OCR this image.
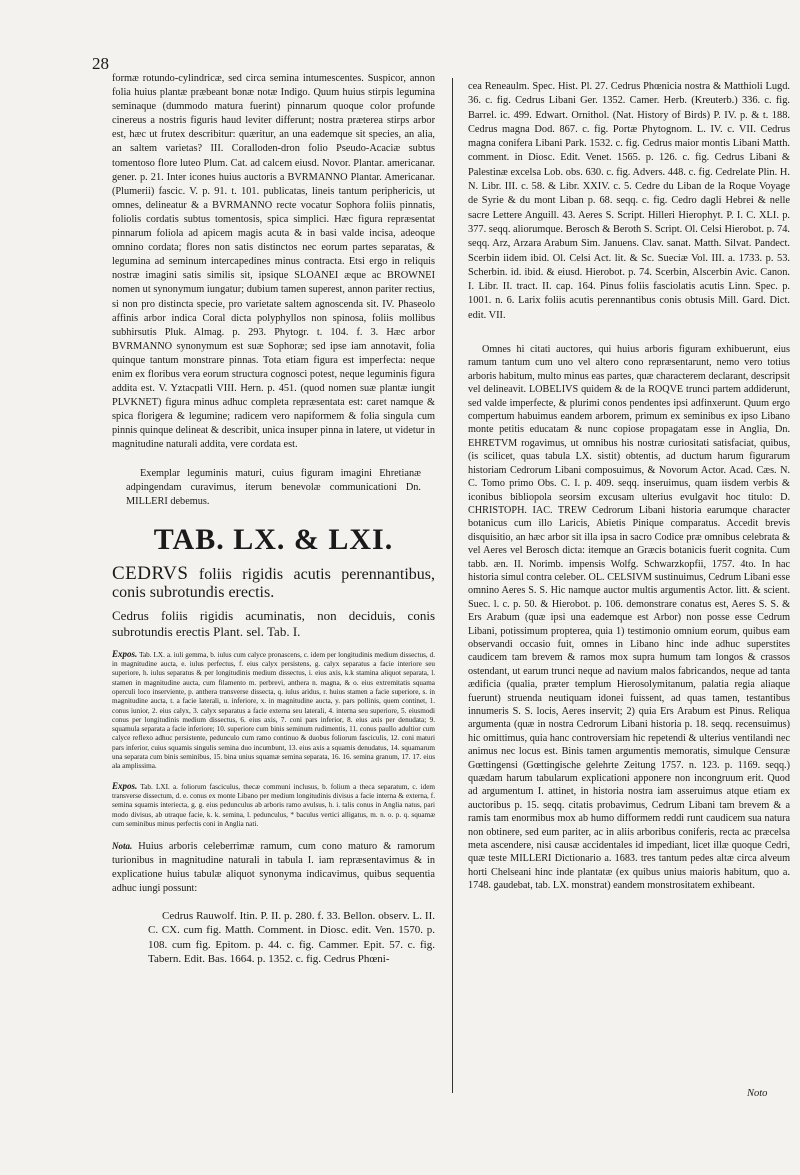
28

formæ rotundo-cylindricæ, sed circa semina intumescentes. Suspicor, annon folia huius plantæ præbeant bonæ notæ Indigo. Quum huius stirpis legumina seminaque (dummodo matura fuerint) pinnarum quoque color profunde cinereus a nostris figuris haud leviter differunt; nostra præterea stirps arbor est, hæc ut frutex describitur: quæritur, an una eademque sit species, an alia, an saltem varietas? III. Coralloden-dron folio Pseudo-Acaciæ subtus tomentoso flore luteo Plum. Cat. ad calcem eiusd. Novor. Plantar. americanar. gener. p. 21. Inter icones huius auctoris a BVRMANNO Plantar. Americanar. (Plumerii) fascic. V. p. 91. t. 101. publicatas, lineis tantum periphericis, ut omnes, delineatur & a BVRMANNO recte vocatur Sophora foliis pinnatis, foliolis cordatis subtus tomentosis, spica simplici. Hæc figura repræsentat pinnarum foliola ad apicem magis acuta & in basi valde incisa, adeoque omnino cordata; flores non satis distinctos nec eorum partes separatas, & legumina ad seminum intercapedines minus contracta. Etsi ergo in reliquis nostræ imagini satis similis sit, ipsique SLOANEI æque ac BROWNEI nomen ut synonymum iungatur; dubium tamen superest, annon pariter rectius, si non pro distincta specie, pro varietate saltem agnoscenda sit. IV. Phaseolo affinis arbor indica Coral dicta polyphyllos non spinosa, foliis mollibus subhirsutis Pluk. Almag. p. 293. Phytogr. t. 104. f. 3. Hæc arbor BVRMANNO synonymum est suæ Sophoræ; sed ipse iam annotavit, folia quinque tantum monstrare pinnas. Tota etiam figura est imperfecta: neque enim ex floribus vera eorum structura cognosci potest, neque leguminis figura addita est. V. Yztacpatli VIII. Hern. p. 451. (quod nomen suæ plantæ iungit PLVKNET) figura minus adhuc completa repræsentata est: caret namque & spica florigera & legumine; radicem vero napiformem & folia singula cum pinnis quinque delineat & describit, unica insuper pinna in latere, ut videtur in magnitudine naturali addita, vere cordata est.

Exemplar leguminis maturi, cuius figuram imagini Ehretianæ adpingendam curavimus, iterum benevolæ communicationi Dn. MILLERI debemus.

TAB. LX. & LXI.

CEDRVS foliis rigidis acutis perennantibus, conis subrotundis erectis.

Cedrus foliis rigidis acuminatis, non deciduis, conis subrotundis erectis Plant. sel. Tab. I.

Expos. Tab. LX. a. iuli gemma, b. iulus cum calyce pronascens, c. idem per longitudinis medium dissectus, d. in magnitudine aucta, e. iulus perfectus, f. eius calyx persistens, g. calyx separatus a facie interiore seu superiore, h. iulus separatus & per longitudinis medium dissectus, i. eius axis, k.k stamina aliquot separata, l. stamen in magnitudine aucta, cum filamento m. perbrevi, anthera n. magna, & o. eius extremitatis squama operculi loco inserviente, p. anthera transverse dissecta, q. iulus aridus, r. huius stamen a facie superiore, s. in magnitudine aucta, t. a facie laterali, u. inferiore, x. in magnitudine aucta, y. pars pollinis, quem continet, 1. conus iunior, 2. eius calyx, 3. calyx separatus a facie externa seu laterali, 4. interna seu superiore, 5. eiusmodi conus per longitudinis medium dissectus, 6. eius axis, 7. coni pars inferior, 8. eius axis per denudata; 9. squamula separata a facie inferiore; 10. superiore cum binis seminum rudimentis, 11. conus paullo adultior cum calyce reflexo adhuc persistente, pedunculo cum ramo continuo & duobus foliorum fasciculis, 12. coni maturi pars inferior, cuius squamis singulis semina duo incumbunt, 13. eius axis a squamis denudatus, 14. squamarum una separata cum binis seminibus, 15. bina unius squamæ semina separata, 16. 16. semina granum, 17. 17. eius ala amplissima.

Expos. Tab. LXI. a. foliorum fasciculus, thecæ communi inclusus, b. folium a theca separatum, c. idem transverse dissectum, d. e. conus ex monte Libano per medium longitudinis divisus a facie interna & externa, f. semina squamis interiecta, g. g. eius pedunculus ab arboris ramo avulsus, h. i. talis conus in Anglia natus, pari modo divisus, ab utraque facie, k. k. semina, l. pedunculus, * baculus vertici alligatus, m. n. o. p. q. squamæ cum seminibus minus perfectis coni in Anglia nati.

Nota. Huius arboris celeberrimæ ramum, cum cono maturo & ramorum turionibus in magnitudine naturali in tabula I. iam repræsentavimus & in explicatione huius tabulæ aliquot synonyma indicavimus, quibus sequentia adhuc iungi possunt:

Cedrus Rauwolf. Itin. P. II. p. 280. f. 33. Bellon. observ. L. II. C. CX. cum fig. Matth. Comment. in Diosc. edit. Ven. 1570. p. 108. cum fig. Epitom. p. 44. c. fig. Cammer. Epit. 57. c. fig. Tabern. Edit. Bas. 1664. p. 1352. c. fig. Cedrus Phœni-

cea Reneaulm. Spec. Hist. Pl. 27. Cedrus Phœnicia nostra & Matthioli Lugd. 36. c. fig. Cedrus Libani Ger. 1352. Camer. Herb. (Kreuterb.) 336. c. fig. Barrel. ic. 499. Edwart. Ornithol. (Nat. History of Birds) P. IV. p. & t. 188. Cedrus magna Dod. 867. c. fig. Portæ Phytognom. L. IV. c. VII. Cedrus magna conifera Libani Park. 1532. c. fig. Cedrus maior montis Libani Matth. comment. in Diosc. Edit. Venet. 1565. p. 126. c. fig. Cedrus Libani & Palestinæ excelsa Lob. obs. 630. c. fig. Advers. 448. c. fig. Cedrelate Plin. H. N. Libr. III. c. 58. & Libr. XXIV. c. 5. Cedre du Liban de la Roque Voyage de Syrie & du mont Liban p. 68. seqq. c. fig. Cedro dagli Hebrei & nelle sacre Lettere Anguill. 43. Aeres S. Script. Hilleri Hierophyt. P. I. C. XLI. p. 377. seqq. aliorumque. Berosch & Beroth S. Script. Ol. Celsi Hierobot. p. 74. seqq. Arz, Arzara Arabum Sim. Januens. Clav. sanat. Matth. Silvat. Pandect. Scerbin iidem ibid. Ol. Celsi Act. lit. & Sc. Sueciæ Vol. III. a. 1733. p. 53. Scherbin. id. ibid. & eiusd. Hierobot. p. 74. Scerbin, Alscerbin Avic. Canon. I. Libr. II. tract. II. cap. 164. Pinus foliis fasciolatis acutis Linn. Spec. p. 1001. n. 6. Larix foliis acutis perennantibus conis obtusis Mill. Gard. Dict. edit. VII.

Omnes hi citati auctores, qui huius arboris figuram exhibuerunt, eius ramum tantum cum uno vel altero cono repræsentarunt, nemo vero totius arboris habitum, multo minus eas partes, quæ characterem declarant, descripsit vel delineavit. LOBELIVS quidem & de la ROQVE trunci partem addiderunt, sed valde imperfecte, & plurimi conos pendentes ipsi adfinxerunt. Quum ergo compertum habuimus eandem arborem, primum ex seminibus ex ipso Libano monte petitis educatam & nunc copiose propagatam esse in Anglia, Dn. EHRETVM rogavimus, ut omnibus his nostræ curiositati satisfaciat, quibus, (is scilicet, quas tabula LX. sistit) obtentis, ad ductum harum figurarum historiam Cedrorum Libani composuimus, & Novorum Actor. Acad. Cæs. N. C. Tomo primo Obs. C. I. p. 409. seqq. inseruimus, quam iisdem verbis & iconibus bibliopola seorsim excusam ulterius evulgavit hoc titulo: D. CHRISTOPH. IAC. TREW Cedrorum Libani historia earumque character botanicus cum illo Laricis, Abietis Pinique comparatus. Accedit brevis disquisitio, an hæc arbor sit illa ipsa in sacro Codice præ omnibus celebrata & vel Aeres vel Berosch dicta: itemque an Græcis botanicis fuerit cognita. Cum tabb. æn. II. Norimb. impensis Wolfg. Schwarzkopfii, 1757. 4to. In hac historia simul contra celeber. OL. CELSIVM sustinuimus, Cedrum Libani esse omnino Aeres S. S. Hic namque auctor multis argumentis Actor. litt. & scient. Suec. l. c. p. 50. & Hierobot. p. 106. demonstrare conatus est, Aeres S. S. & Ers Arabum (quæ ipsi una eademque est Arbor) non posse esse Cedrum Libani, potissimum propterea, quia 1) testimonio omnium eorum, quibus eam observandi occasio fuit, omnes in Libano hinc inde adhuc superstites caudicem tam brevem & ramos mox supra humum tam longos & crassos ostendant, ut earum trunci neque ad navium malos fabricandos, neque ad tanta ædificia (qualia, præter templum Hierosolymitanum, palatia regia aliaque fuerunt) struenda neutiquam idonei fuissent, ad quas tamen, testantibus innumeris S. S. locis, Aeres inservit; 2) quia Ers Arabum est Pinus. Reliqua argumenta (quæ in nostra Cedrorum Libani historia p. 18. seqq. recensuimus) hic omittimus, quia hanc controversiam hic repetendi & ulterius ventilandi nec animus nec locus est. Binis tamen argumentis memoratis, simulque Censuræ Gœttingensi (Gœttingische gelehrte Zeitung 1757. n. 123. p. 1169. seqq.) quædam harum tabularum explicationi apponere non incongruum erit. Quod ad argumentum I. attinet, in historia nostra iam asseruimus atque etiam ex auctoribus p. 15. seqq. citatis probavimus, Cedrum Libani tam brevem & a ramis tam enormibus mox ab humo difformem reddi runt caudicem sua natura non obtinere, sed eum pariter, ac in aliis arboribus coniferis, recta ac præcelsa meta ascendere, nisi causæ accidentales id impediant, licet illæ quoque Cedri, quæ teste MILLERI Dictionario a. 1683. tres tantum pedes altæ circa alveum horti Chelseani hinc inde plantatæ (ex quibus unius maioris habitum, quo a. 1748. gaudebat, tab. LX. monstrat) eandem monstrositatem exhibeant.

Noto
